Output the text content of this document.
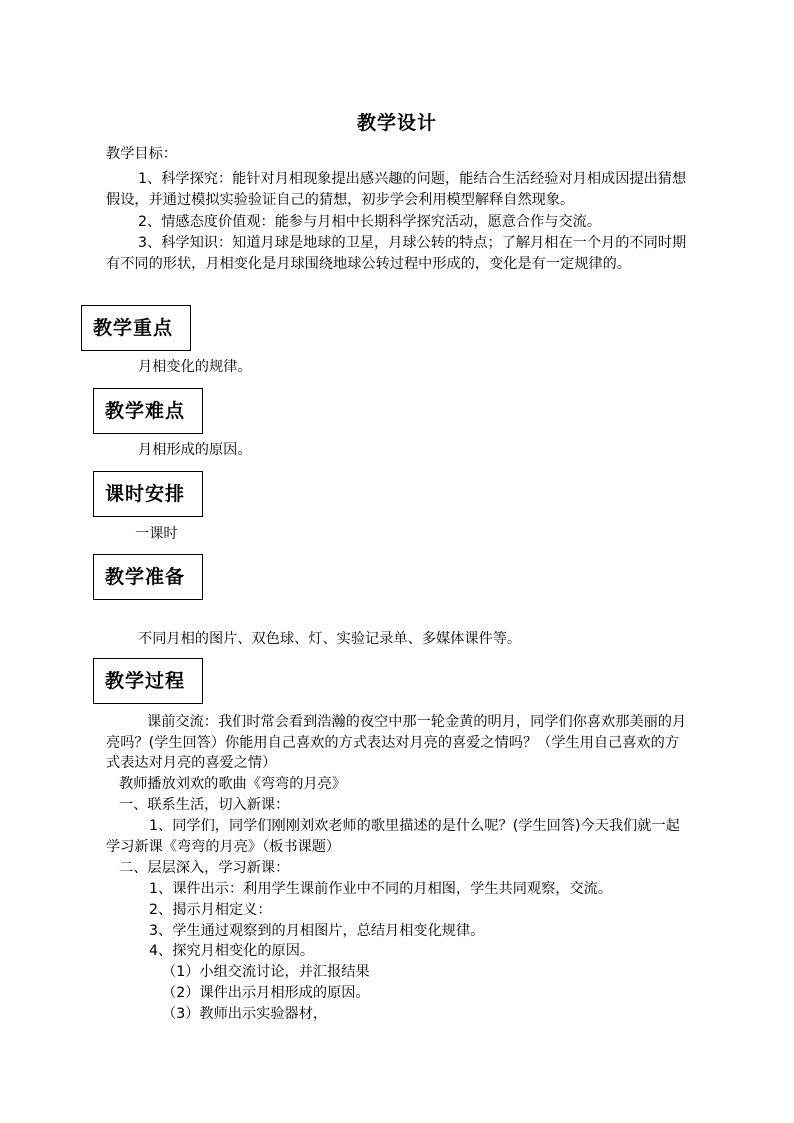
教学设计
教学目标：
1、科学探究：能针对月相现象提出感兴趣的问题，能结合生活经验对月相成因提出猜想假设，并通过模拟实验验证自己的猜想，初步学会利用模型解释自然现象。
2、情感态度价值观：能参与月相中长期科学探究活动，愿意合作与交流。
3、科学知识：知道月球是地球的卫星，月球公转的特点；了解月相在一个月的不同时期有不同的形状，月相变化是月球围绕地球公转过程中形成的，变化是有一定规律的。
教学重点
月相变化的规律。
教学难点
月相形成的原因。
课时安排
一课时
教学准备
不同月相的图片、双色球、灯、实验记录单、多媒体课件等。
教学过程
课前交流：我们时常会看到浩瀚的夜空中那一轮金黄的明月，同学们你喜欢那美丽的月亮吗？(学生回答）你能用自己喜欢的方式表达对月亮的喜爱之情吗？（学生用自己喜欢的方式表达对月亮的喜爱之情）
教师播放刘欢的歌曲《弯弯的月亮》
一、联系生活，切入新课：
1、同学们，同学们刚刚刘欢老师的歌里描述的是什么呢？(学生回答)今天我们就一起学习新课《弯弯的月亮》（板书课题）
二、层层深入，学习新课：
1、课件出示：利用学生课前作业中不同的月相图，学生共同观察，交流。
2、揭示月相定义：
3、学生通过观察到的月相图片，总结月相变化规律。
4、探究月相变化的原因。
（1）小组交流讨论，并汇报结果
（2）课件出示月相形成的原因。
（3）教师出示实验器材，
